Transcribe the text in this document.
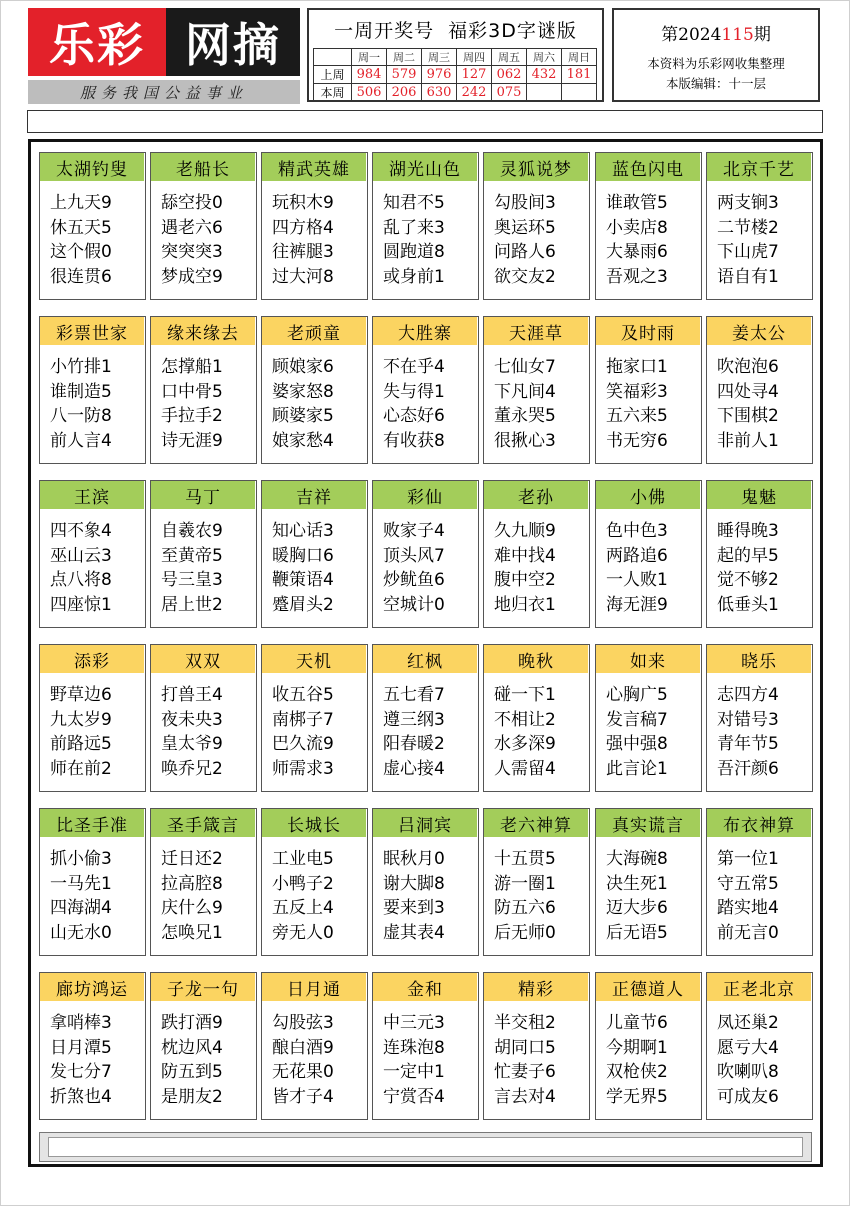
乐彩 网摘
服务我国公益事业
一周开奖号 福彩3D字谜版
	周一	周二	周三	周四	周五	周六	周日
上周	984	579	976	127	062	432	181
本周	506	206	630	242	075		
第2024115期
本资料为乐彩网收集整理
本版编辑：十一层
太湖钓叟
上九天9
休五天5
这个假0
很连贯6
老船长
舔空投0
遇老六6
突突突3
梦成空9
精武英雄
玩积木9
四方格4
往裤腿3
过大河8
湖光山色
知君不5
乱了来3
圆跑道8
或身前1
灵狐说梦
勾股间3
奥运环5
问路人6
欲交友2
蓝色闪电
谁敢管5
小卖店8
大暴雨6
吾观之3
北京千艺
两支锏3
二节楼2
下山虎7
语自有1
彩票世家
小竹排1
谁制造5
八一防8
前人言4
缘来缘去
怎撑船1
口中骨5
手拉手2
诗无涯9
老顽童
顾娘家6
婆家怒8
顾婆家5
娘家愁4
大胜寨
不在乎4
失与得1
心态好6
有收获8
天涯草
七仙女7
下凡间4
董永哭5
很揪心3
及时雨
拖家口1
笑福彩3
五六来5
书无穷6
姜太公
吹泡泡6
四处寻4
下围棋2
非前人1
王滨
四不象4
巫山云3
点八将8
四座惊1
马丁
自羲农9
至黄帝5
号三皇3
居上世2
吉祥
知心话3
暖胸口6
鞭策语4
蹙眉头2
彩仙
败家子4
顶头风7
炒鱿鱼6
空城计0
老孙
久九顺9
难中找4
腹中空2
地归衣1
小佛
色中色3
两路追6
一人败1
海无涯9
鬼魅
睡得晚3
起的早5
觉不够2
低垂头1
添彩
野草边6
九太岁9
前路远5
师在前2
双双
打兽王4
夜未央3
皇太爷9
唤乔兄2
天机
收五谷5
南梆子7
巴久流9
师需求3
红枫
五七看7
遵三纲3
阳春暖2
虚心接4
晚秋
碰一下1
不相让2
水多深9
人需留4
如来
心胸广5
发言稿7
强中强8
此言论1
晓乐
志四方4
对错号3
青年节5
吾汗颜6
比圣手准
抓小偷3
一马先1
四海湖4
山无水0
圣手箴言
迁日还2
拉高腔8
庆什么9
怎唤兄1
长城长
工业电5
小鸭子2
五反上4
旁无人0
吕洞宾
眠秋月0
谢大脚8
要来到3
虚其表4
老六神算
十五贯5
游一圈1
防五六6
后无师0
真实谎言
大海碗8
决生死1
迈大步6
后无语5
布衣神算
第一位1
守五常5
踏实地4
前无言0
廊坊鸿运
拿哨棒3
日月潭5
发七分7
折煞也4
子龙一句
跌打酒9
枕边风4
防五到5
是朋友2
日月通
勾股弦3
酿白酒9
无花果0
皆才子4
金和
中三元3
连珠泡8
一定中1
宁赏否4
精彩
半交租2
胡同口5
忙妻子6
言去对4
正德道人
儿童节6
今期啊1
双枪侠2
学无界5
正老北京
凤还巢2
愿亏大4
吹喇叭8
可成友6
